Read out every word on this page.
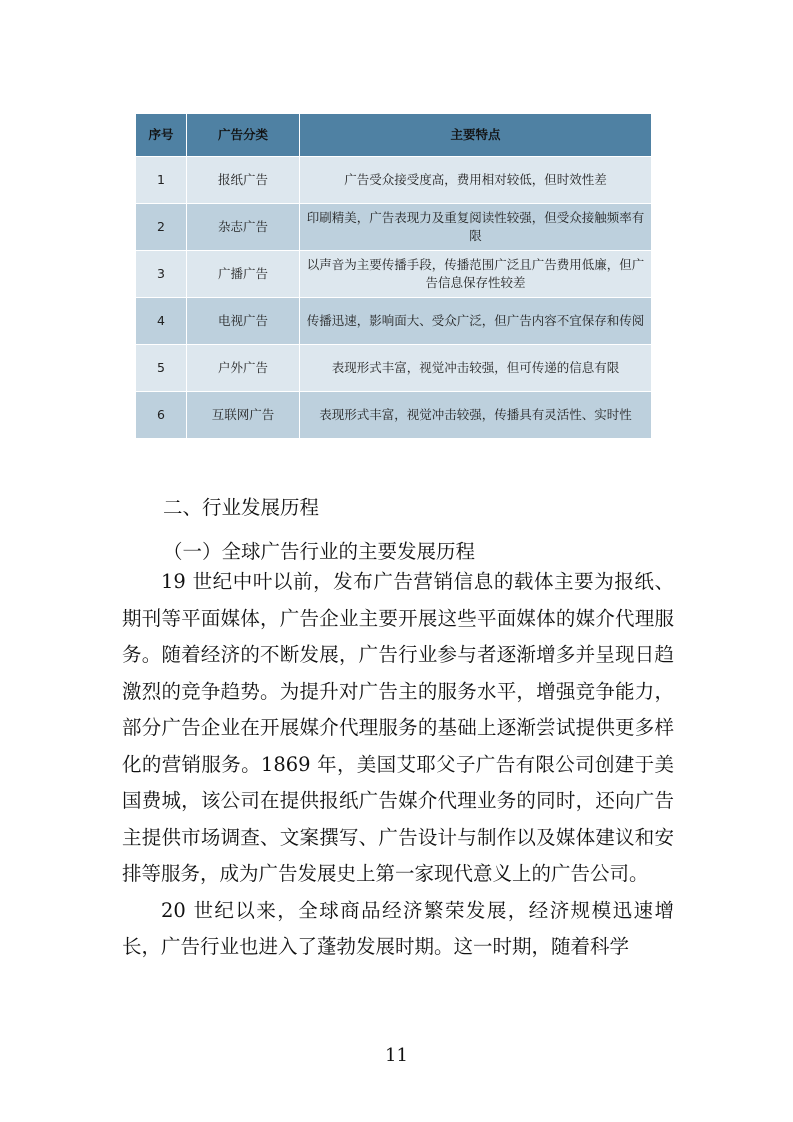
序号	广告分类	主要特点
1	报纸广告	广告受众接受度高，费用相对较低，但时效性差
2	杂志广告	印刷精美，广告表现力及重复阅读性较强，但受众接触频率有限
3	广播广告	以声音为主要传播手段，传播范围广泛且广告费用低廉，但广告信息保存性较差
4	电视广告	传播迅速，影响面大、受众广泛，但广告内容不宜保存和传阅
5	户外广告	表现形式丰富，视觉冲击较强，但可传递的信息有限
6	互联网广告	表现形式丰富，视觉冲击较强，传播具有灵活性、实时性
二、行业发展历程
（一）全球广告行业的主要发展历程

19 世纪中叶以前，发布广告营销信息的载体主要为报纸、期刊等平面媒体，广告企业主要开展这些平面媒体的媒介代理服务。随着经济的不断发展，广告行业参与者逐渐增多并呈现日趋激烈的竞争趋势。为提升对广告主的服务水平，增强竞争能力，部分广告企业在开展媒介代理服务的基础上逐渐尝试提供更多样化的营销服务。1869 年，美国艾耶父子广告有限公司创建于美国费城，该公司在提供报纸广告媒介代理业务的同时，还向广告主提供市场调查、文案撰写、广告设计与制作以及媒体建议和安排等服务，成为广告发展史上第一家现代意义上的广告公司。

20 世纪以来，全球商品经济繁荣发展，经济规模迅速增长，广告行业也进入了蓬勃发展时期。这一时期，随着科学

11
